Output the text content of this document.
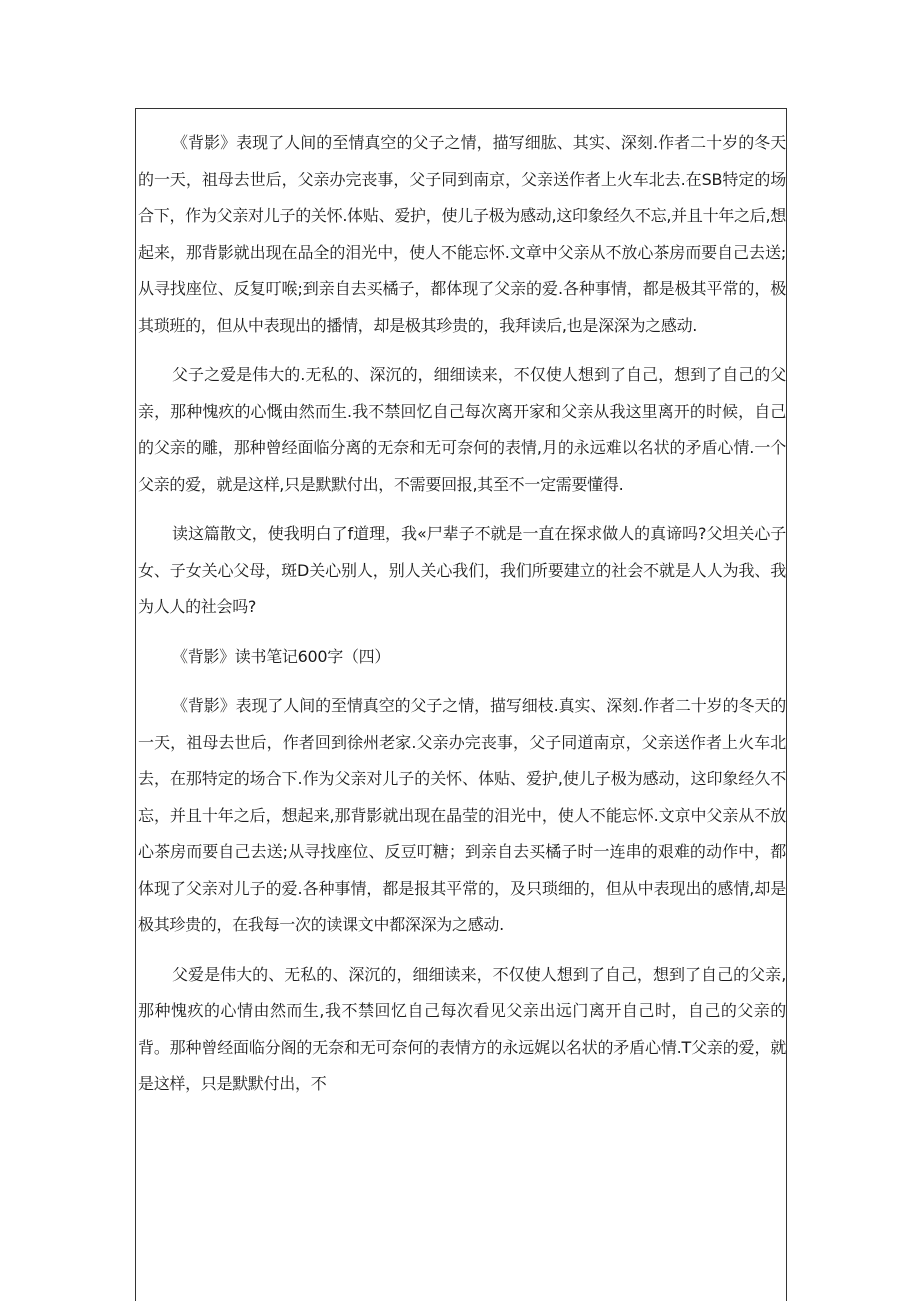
《背影》表现了人间的至情真空的父子之情，描写细肱、其实、深刻.作者二十岁的冬天的一天，祖母去世后，父亲办完丧事，父子同到南京，父亲送作者上火车北去.在SB特定的场合下，作为父亲对儿子的关怀.体贴、爱护，使儿子极为感动,这印象经久不忘,并且十年之后,想起来，那背影就出现在品全的泪光中，使人不能忘怀.文章中父亲从不放心茶房而要自己去送;从寻找座位、反复叮喉;到亲自去买橘子，都体现了父亲的爱.各种事情，都是极其平常的，极其琐班的，但从中表现出的播情，却是极其珍贵的，我拜读后,也是深深为之感动.

父子之爱是伟大的.无私的、深沉的，细细读来，不仅使人想到了自己，想到了自己的父亲，那种愧疚的心慨由然而生.我不禁回忆自己每次离开家和父亲从我这里离开的时候，自己的父亲的雕，那种曾经面临分离的无奈和无可奈何的表情,月的永远难以名状的矛盾心情.一个父亲的爱，就是这样,只是默默付出，不需要回报,其至不一定需要懂得.

读这篇散文，使我明白了f道理，我«尸辈子不就是一直在探求做人的真谛吗?父坦关心子女、子女关心父母，斑D关心别人，别人关心我们，我们所要建立的社会不就是人人为我、我为人人的社会吗?

《背影》读书笔记600字（四）

《背影》表现了人间的至情真空的父子之情，描写细枝.真实、深刻.作者二十岁的冬天的一天，祖母去世后，作者回到徐州老家.父亲办完丧事，父子同道南京，父亲送作者上火车北去，在那特定的场合下.作为父亲对儿子的关怀、体贴、爱护,使儿子极为感动，这印象经久不忘，并且十年之后，想起来,那背影就出现在晶莹的泪光中，使人不能忘怀.文京中父亲从不放心茶房而要自己去送;从寻找座位、反豆叮糖；到亲自去买橘子时一连串的艰难的动作中，都体现了父亲对儿子的爱.各种事情，都是报其平常的，及只琐细的，但从中表现出的感情,却是极其珍贵的，在我每一次的读课文中都深深为之感动.

父爱是伟大的、无私的、深沉的，细细读来，不仅使人想到了自己，想到了自己的父亲,那种愧疚的心情由然而生,我不禁回忆自己每次看见父亲出远门离开自己时，自己的父亲的背。那种曾经面临分阁的无奈和无可奈何的表情方的永远娓以名状的矛盾心情.T父亲的爱，就是这样，只是默默付出，不
